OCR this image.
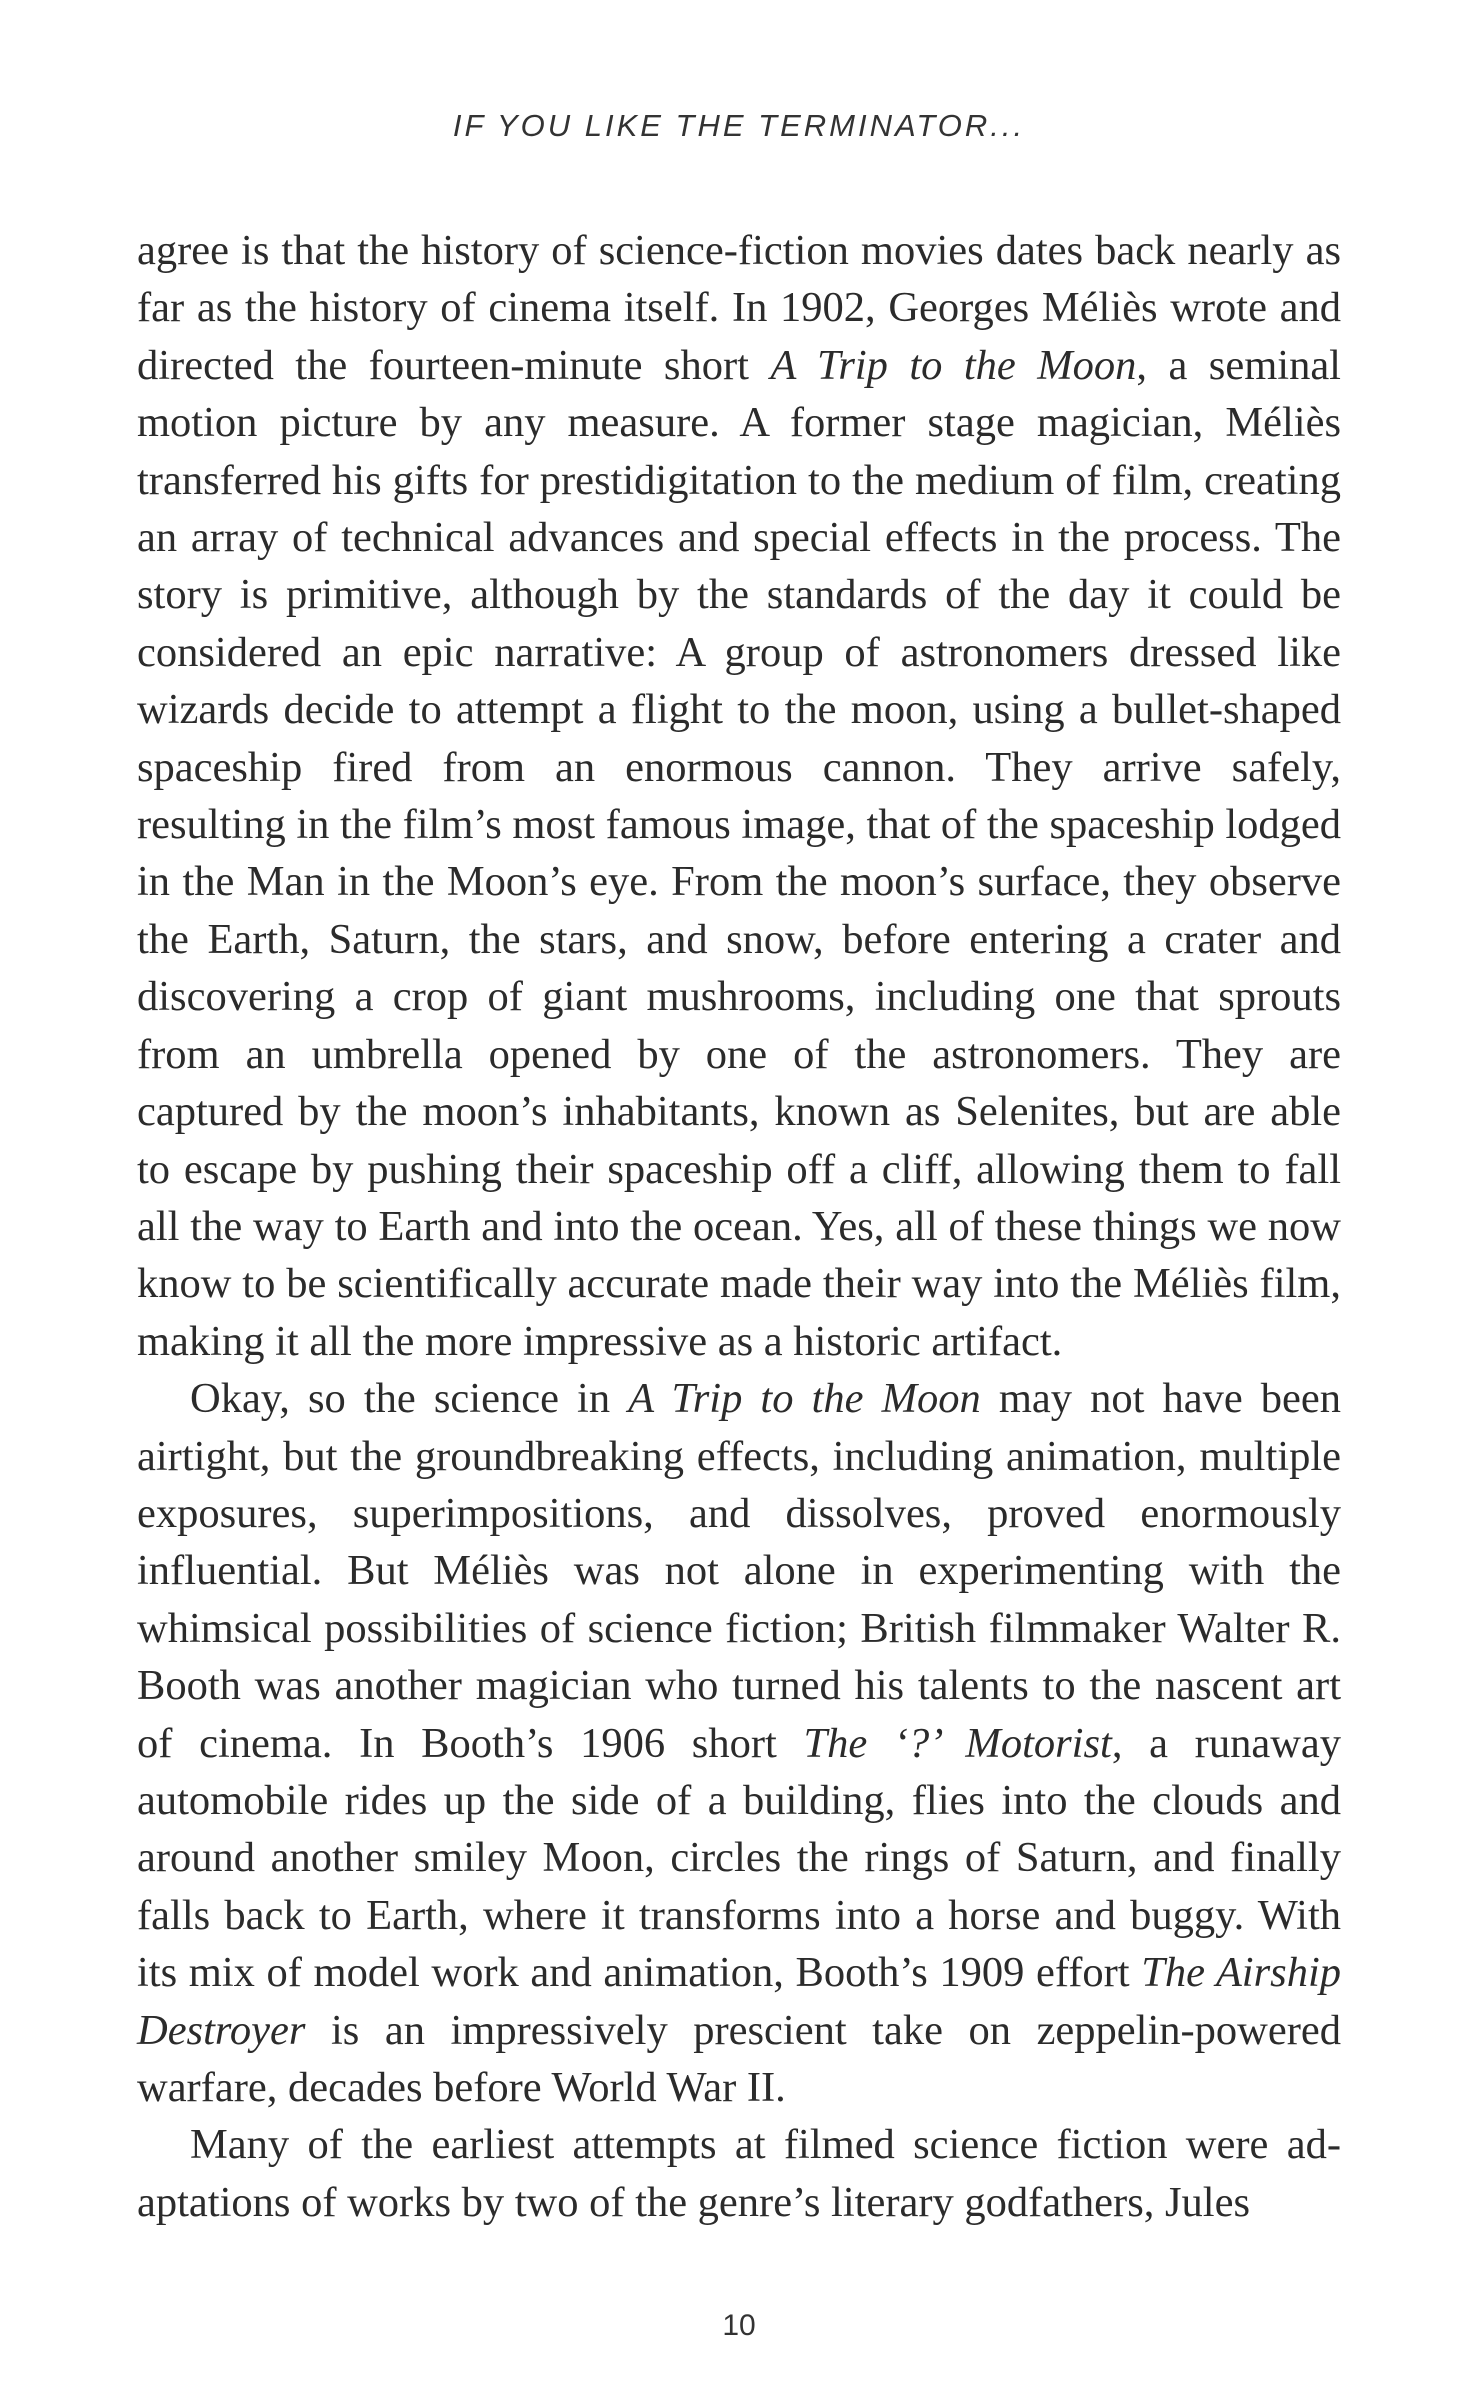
IF YOU LIKE THE TERMINATOR...

agree is that the history of science-fiction movies dates back nearly as far as the history of cinema itself. In 1902, Georges Méliès wrote and directed the fourteen-minute short A Trip to the Moon, a seminal motion picture by any measure. A former stage magician, Méliès transferred his gifts for prestidigitation to the medium of film, creating an array of technical advances and special effects in the process. The story is primitive, although by the standards of the day it could be considered an epic narrative: A group of astronomers dressed like wizards decide to attempt a flight to the moon, using a bullet-shaped spaceship fired from an enormous cannon. They arrive safely, resulting in the film’s most famous image, that of the spaceship lodged in the Man in the Moon’s eye. From the moon’s surface, they observe the Earth, Saturn, the stars, and snow, before entering a crater and discovering a crop of giant mushrooms, including one that sprouts from an umbrella opened by one of the astronomers. They are captured by the moon’s inhabitants, known as Selenites, but are able to escape by pushing their spaceship off a cliff, allowing them to fall all the way to Earth and into the ocean. Yes, all of these things we now know to be scientifically accurate made their way into the Méliès film, making it all the more impressive as a historic artifact.

Okay, so the science in A Trip to the Moon may not have been airtight, but the groundbreaking effects, including animation, multiple exposures, superimpositions, and dissolves, proved enormously influential. But Méliès was not alone in experimenting with the whimsical possibilities of science fiction; British filmmaker Walter R. Booth was another magician who turned his talents to the nascent art of cinema. In Booth’s 1906 short The ‘?’ Motorist, a runaway automobile rides up the side of a building, flies into the clouds and around another smiley Moon, circles the rings of Saturn, and finally falls back to Earth, where it transforms into a horse and buggy. With its mix of model work and animation, Booth’s 1909 effort The Airship Destroyer is an impressively prescient take on zeppelin-powered warfare, decades before World War II.

Many of the earliest attempts at filmed science fiction were adaptations of works by two of the genre’s literary godfathers, Jules

10
